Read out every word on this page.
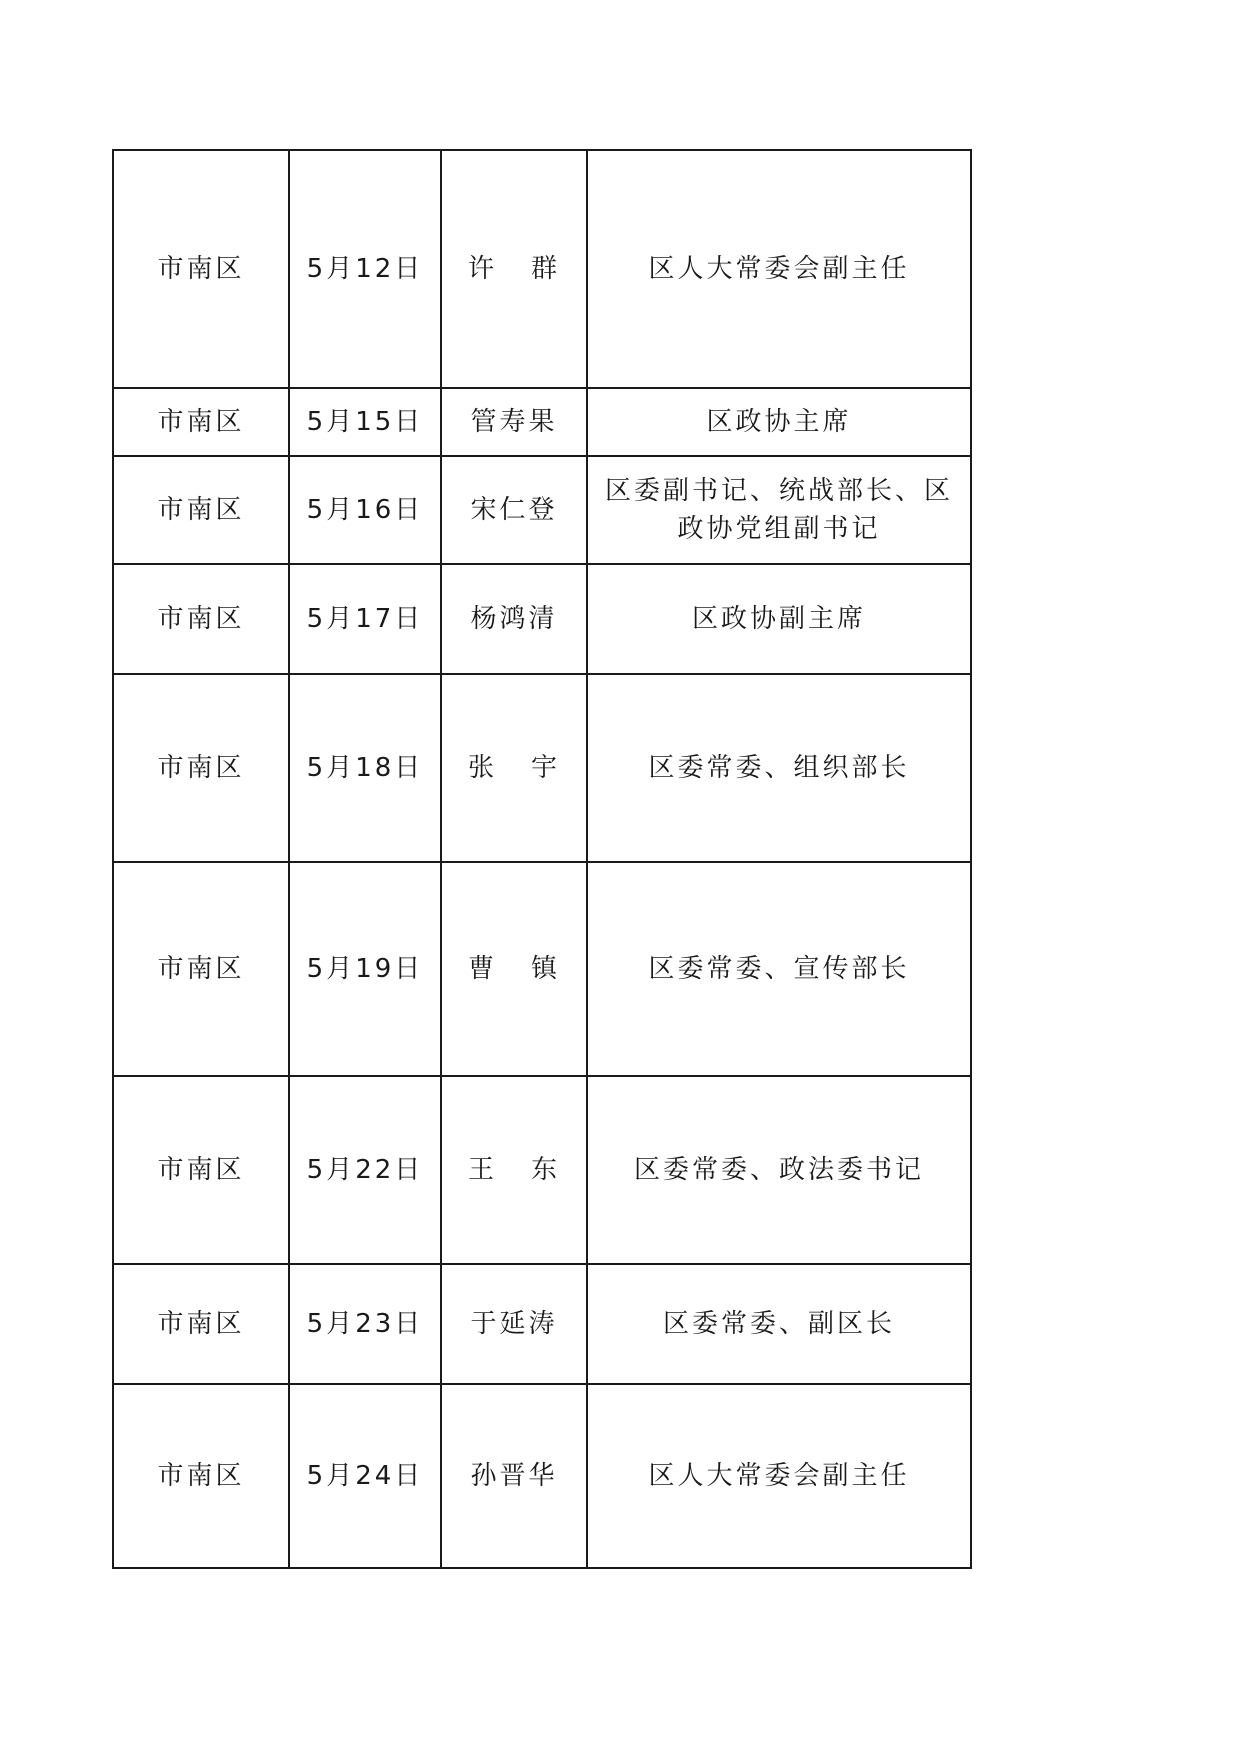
市南区	5月12日	许 群	区人大常委会副主任
市南区	5月15日	管寿果	区政协主席
市南区	5月16日	宋仁登	区委副书记、统战部长、区
政协党组副书记

市南区	5月17日	杨鸿清	区政协副主席
市南区	5月18日	张 宇	区委常委、组织部长
市南区	5月19日	曹 镇	区委常委、宣传部长
市南区	5月22日	王 东	区委常委、政法委书记
市南区	5月23日	于延涛	区委常委、副区长
市南区	5月24日	孙晋华	区人大常委会副主任
